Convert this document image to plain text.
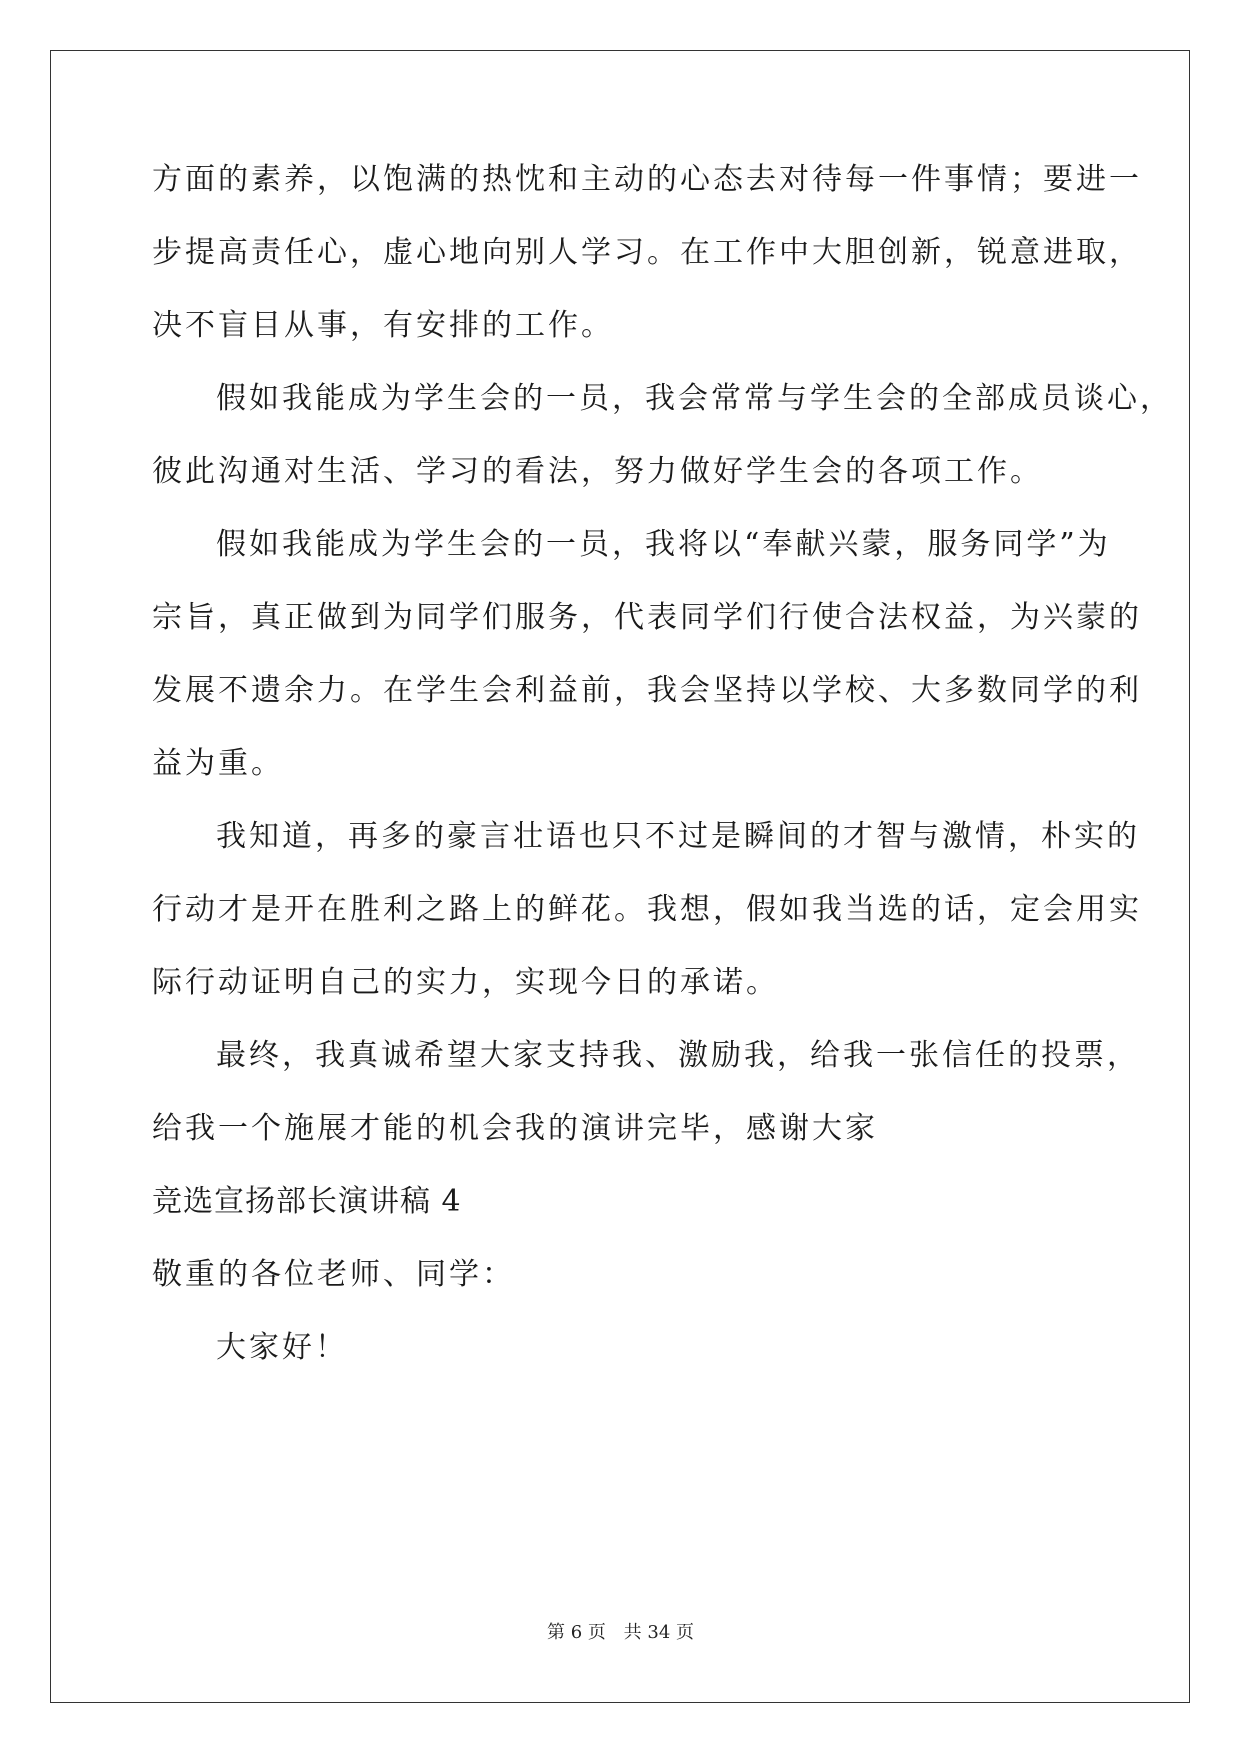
方面的素养，以饱满的热忱和主动的心态去对待每一件事情；要进一
步提高责任心，虚心地向别人学习。在工作中大胆创新，锐意进取，
决不盲目从事，有安排的工作。
假如我能成为学生会的一员，我会常常与学生会的全部成员谈心，
彼此沟通对生活、学习的看法，努力做好学生会的各项工作。
假如我能成为学生会的一员，我将以“奉献兴蒙，服务同学”为
宗旨，真正做到为同学们服务，代表同学们行使合法权益，为兴蒙的
发展不遗余力。在学生会利益前，我会坚持以学校、大多数同学的利
益为重。
我知道，再多的豪言壮语也只不过是瞬间的才智与激情，朴实的
行动才是开在胜利之路上的鲜花。我想，假如我当选的话，定会用实
际行动证明自己的实力，实现今日的承诺。
最终，我真诚希望大家支持我、激励我，给我一张信任的投票，
给我一个施展才能的机会我的演讲完毕，感谢大家
竞选宣扬部长演讲稿 4
敬重的各位老师、同学：
大家好！
第 6 页 共 34 页
